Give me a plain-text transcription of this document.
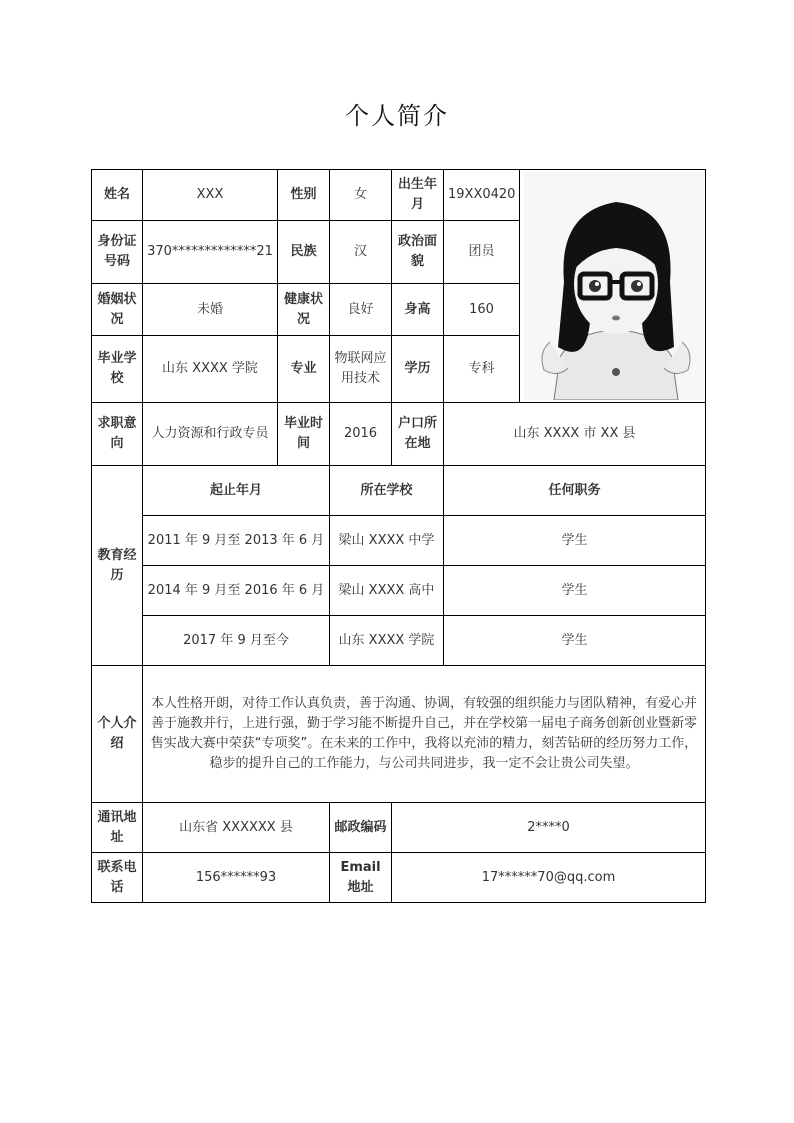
个人简介
姓名	XXX	性别	女	出生年月	19XX0420	

身份证号码	370*************21	民族	汉	政治面貌	团员	
婚姻状况	未婚	健康状况	良好	身高	160	
毕业学校	山东 XXXX 学院	专业	物联网应用技术	学历	专科	
求职意向	人力资源和行政专员	毕业时间	2016	户口所在地	山东 XXXX 市 XX 县	
教育经历	起止年月		所在学校		任何职务	
	2011 年 9 月至 2013 年 6 月		梁山 XXXX 中学		学生	
	2014 年 9 月至 2016 年 6 月		梁山 XXXX 高中		学生	
	2017 年 9 月至今		山东 XXXX 学院		学生	
个人介绍	本人性格开朗，对待工作认真负责，善于沟通、协调，有较强的组织能力与团队精神，有爱心并善于施教并行，上进行强，勤于学习能不断提升自己，并在学校第一届电子商务创新创业暨新零售实战大赛中荣获“专项奖”。在未来的工作中，我将以充沛的精力，刻苦钻研的经历努力工作，稳步的提升自己的工作能力，与公司共同进步，我一定不会让贵公司失望。					
通讯地址	山东省 XXXXXX 县		邮政编码	2****0		
联系电话	156******93		Email地址	17******70@qq.com		
